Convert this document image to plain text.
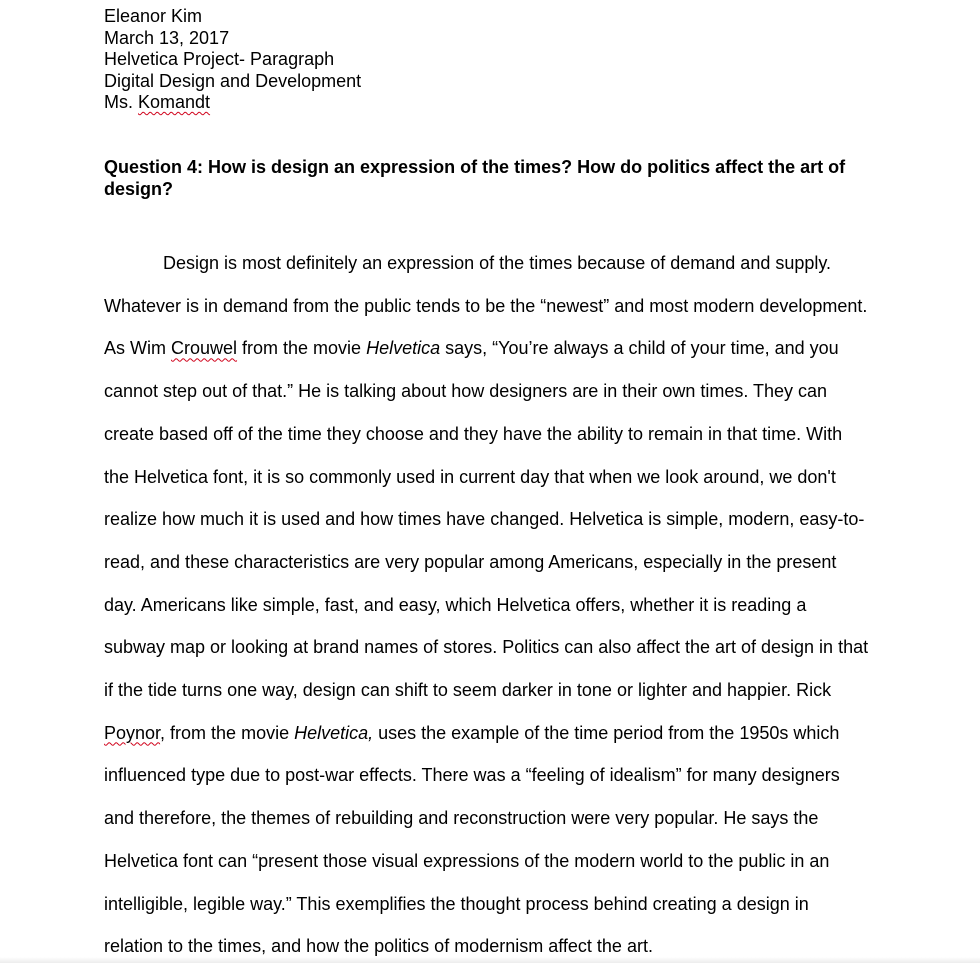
Eleanor Kim
March 13, 2017
Helvetica Project- Paragraph
Digital Design and Development
Ms. Komandt
Question 4: How is design an expression of the times? How do politics affect the art of design?
Design is most definitely an expression of the times because of demand and supply.
Whatever is in demand from the public tends to be the “newest” and most modern development.
As Wim Crouwel from the movie Helvetica says, “You’re always a child of your time, and you
cannot step out of that.” He is talking about how designers are in their own times. They can
create based off of the time they choose and they have the ability to remain in that time. With
the Helvetica font, it is so commonly used in current day that when we look around, we don't
realize how much it is used and how times have changed. Helvetica is simple, modern, easy-to-
read, and these characteristics are very popular among Americans, especially in the present
day. Americans like simple, fast, and easy, which Helvetica offers, whether it is reading a
subway map or looking at brand names of stores. Politics can also affect the art of design in that
if the tide turns one way, design can shift to seem darker in tone or lighter and happier. Rick
Poynor, from the movie Helvetica, uses the example of the time period from the 1950s which
influenced type due to post-war effects. There was a “feeling of idealism” for many designers
and therefore, the themes of rebuilding and reconstruction were very popular. He says the
Helvetica font can “present those visual expressions of the modern world to the public in an
intelligible, legible way.” This exemplifies the thought process behind creating a design in
relation to the times, and how the politics of modernism affect the art.
